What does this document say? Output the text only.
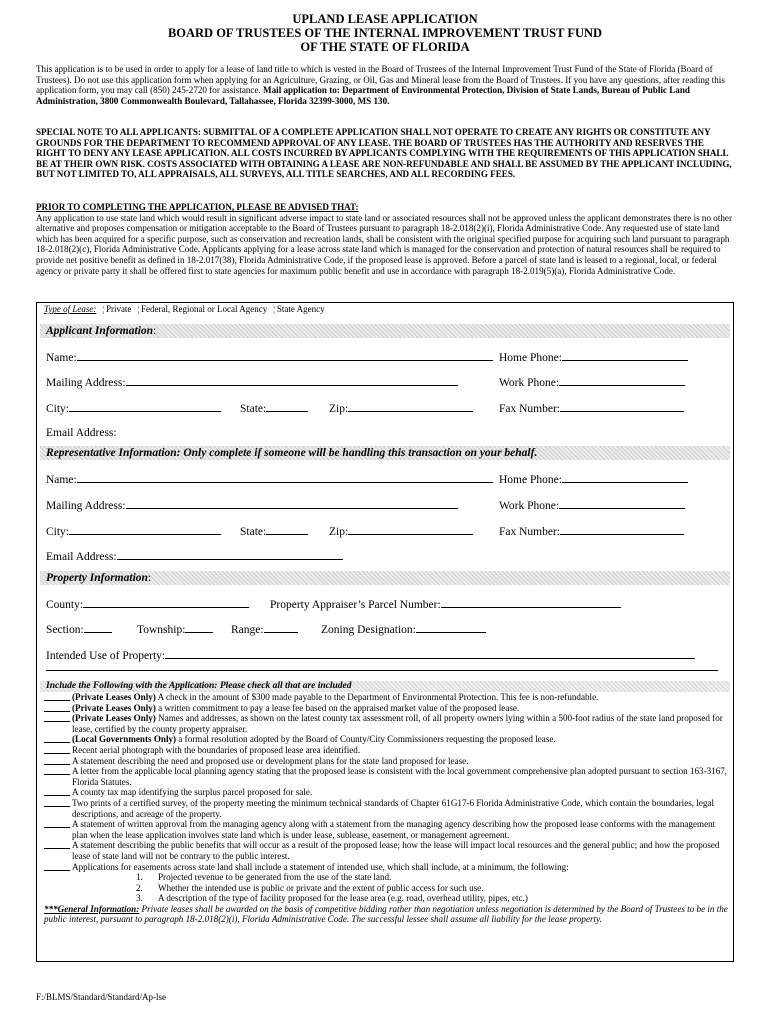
UPLAND LEASE APPLICATION
BOARD OF TRUSTEES OF THE INTERNAL IMPROVEMENT TRUST FUND
OF THE STATE OF FLORIDA
This application is to be used in order to apply for a lease of land title to which is vested in the Board of Trustees of the Internal Improvement Trust Fund of the State of Florida (Board of Trustees). Do not use this application form when applying for an Agriculture, Grazing, or Oil, Gas and Mineral lease from the Board of Trustees. If you have any questions, after reading this application form, you may call (850) 245-2720 for assistance. Mail application to: Department of Environmental Protection, Division of State Lands, Bureau of Public Land Administration, 3800 Commonwealth Boulevard, Tallahassee, Florida 32399-3000, MS 130.
SPECIAL NOTE TO ALL APPLICANTS: SUBMITTAL OF A COMPLETE APPLICATION SHALL NOT OPERATE TO CREATE ANY RIGHTS OR CONSTITUTE ANY GROUNDS FOR THE DEPARTMENT TO RECOMMEND APPROVAL OF ANY LEASE. THE BOARD OF TRUSTEES HAS THE AUTHORITY AND RESERVES THE RIGHT TO DENY ANY LEASE APPLICATION. ALL COSTS INCURRED BY APPLICANTS COMPLYING WITH THE REQUIREMENTS OF THIS APPLICATION SHALL BE AT THEIR OWN RISK. COSTS ASSOCIATED WITH OBTAINING A LEASE ARE NON-REFUNDABLE AND SHALL BE ASSUMED BY THE APPLICANT INCLUDING, BUT NOT LIMITED TO, ALL APPRAISALS, ALL SURVEYS, ALL TITLE SEARCHES, AND ALL RECORDING FEES.
PRIOR TO COMPLETING THE APPLICATION, PLEASE BE ADVISED THAT:
Any application to use state land which would result in significant adverse impact to state land or associated resources shall not be approved unless the applicant demonstrates there is no other alternative and proposes compensation or mitigation acceptable to the Board of Trustees pursuant to paragraph 18-2.018(2)(i), Florida Administrative Code. Any requested use of state land which has been acquired for a specific purpose, such as conservation and recreation lands, shall be consistent with the original specified purpose for acquiring such land pursuant to paragraph 18-2.018(2)(c), Florida Administrative Code. Applicants applying for a lease across state land which is managed for the conservation and protection of natural resources shall be required to provide net positive benefit as defined in 18-2.017(38), Florida Administrative Code, if the proposed lease is approved. Before a parcel of state land is leased to a regional, local, or federal agency or private party it shall be offered first to state agencies for maximum public benefit and use in accordance with paragraph 18-2.019(5)(a), Florida Administrative Code.
Type of Lease: ¦ Private ¦ Federal, Regional or Local Agency ¦ State Agency
Applicant Information:
Name:	Home Phone:
Mailing Address:	Work Phone:
City:	State:	Zip:	Fax Number:
Email Address:
Representative Information: Only complete if someone will be handling this transaction on your behalf.
Name:	Home Phone:
Mailing Address:	Work Phone:
City:	State:	Zip:	Fax Number:
Email Address:
Property Information:
County:	Property Appraiser’s Parcel Number:
Section:	Township:	Range:	Zoning Designation:
Intended Use of Property:
Include the Following with the Application: Please check all that are included
(Private Leases Only) A check in the amount of $300 made payable to the Department of Environmental Protection. This fee is non-refundable.
(Private Leases Only) a written commitment to pay a lease fee based on the appraised market value of the proposed lease.
(Private Leases Only) Names and addresses, as shown on the latest county tax assessment roll, of all property owners lying within a 500-foot radius of the state land proposed for lease, certified by the county property appraiser.
(Local Governments Only) a formal resolution adopted by the Board of County/City Commissioners requesting the proposed lease.
Recent aerial photograph with the boundaries of proposed lease area identified.
A statement describing the need and proposed use or development plans for the state land proposed for lease.
A letter from the applicable local planning agency stating that the proposed lease is consistent with the local government comprehensive plan adopted pursuant to section 163-3167, Florida Statutes.
A county tax map identifying the surplus parcel proposed for sale.
Two prints of a certified survey, of the property meeting the minimum technical standards of Chapter 61G17-6 Florida Administrative Code, which contain the boundaries, legal descriptions, and acreage of the property.
A statement of written approval from the managing agency along with a statement from the managing agency describing how the proposed lease conforms with the management plan when the lease application involves state land which is under lease, sublease, easement, or management agreement.
A statement describing the public benefits that will occur as a result of the proposed lease; how the lease will impact local resources and the general public; and how the proposed lease of state land will not be contrary to the public interest.
Applications for easements across state land shall include a statement of intended use, which shall include, at a minimum, the following:
1. Projected revenue to be generated from the use of the state land.
2. Whether the intended use is public or private and the extent of public access for such use.
3. A description of the type of facility proposed for the lease area (e.g. road, overhead utility, pipes, etc.)
***General Information: Private leases shall be awarded on the basis of competitive bidding rather than negotiation unless negotiation is determined by the Board of Trustees to be in the public interest, pursuant to paragraph 18-2.018(2)(i), Florida Administrative Code. The successful lessee shall assume all liability for the lease property.
F:/BLMS/Standard/Standard/Ap-lse
